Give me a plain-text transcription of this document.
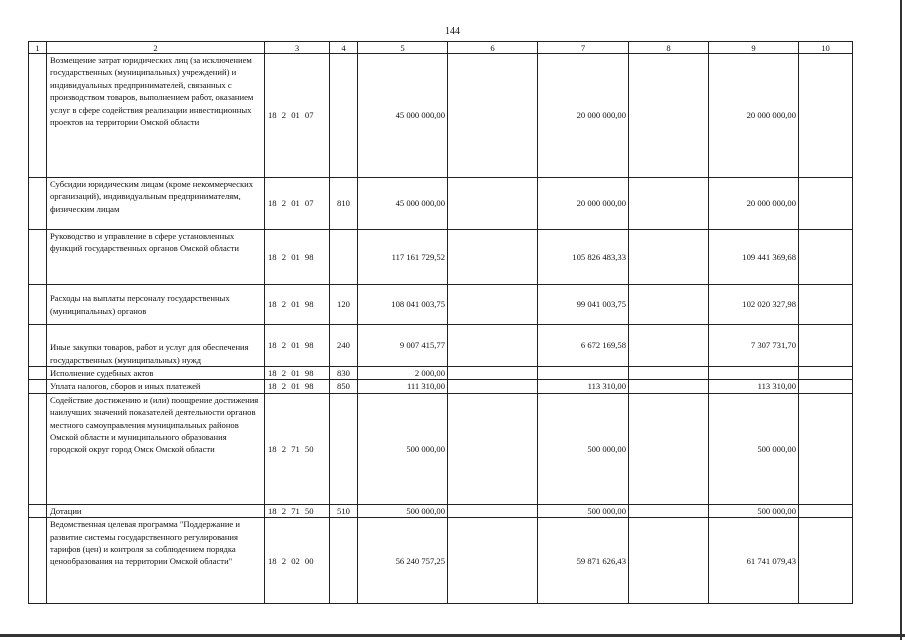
144
1	2	3	4	5	6	7	8	9	10
	Возмещение затрат юридических лиц (за исключением государственных (муниципальных) учреждений) и индивидуальных предпринимателей, связанных с производством товаров, выполнением работ, оказанием услуг в сфере содействия реализации инвестиционных проектов на территории Омской области	18 2 01 07		45 000 000,00		20 000 000,00		20 000 000,00	
	Субсидии юридическим лицам (кроме некоммерческих организаций), индивидуальным предпринимателям, физическим лицам	18 2 01 07	810	45 000 000,00		20 000 000,00		20 000 000,00	
	Руководство и управление в сфере установленных функций государственных органов Омской области	18 2 01 98		117 161 729,52		105 826 483,33		109 441 369,68	
	Расходы на выплаты персоналу государственных (муниципальных) органов	18 2 01 98	120	108 041 003,75		99 041 003,75		102 020 327,98	
	Иные закупки товаров, работ и услуг для обеспечения государственных (муниципальных) нужд	18 2 01 98	240	9 007 415,77		6 672 169,58		7 307 731,70	
	Исполнение судебных актов	18 2 01 98	830	2 000,00					
	Уплата налогов, сборов и иных платежей	18 2 01 98	850	111 310,00		113 310,00		113 310,00	
	Содействие достижению и (или) поощрение достижения наилучших значений показателей деятельности органов местного самоуправления муниципальных районов Омской области и муниципального образования городской округ город Омск Омской области	18 2 71 50		500 000,00		500 000,00		500 000,00	
	Дотации	18 2 71 50	510	500 000,00		500 000,00		500 000,00	
	Ведомственная целевая программа "Поддержание и развитие системы государственного регулирования тарифов (цен) и контроля за соблюдением порядка ценообразования на территории Омской области"	18 2 02 00		56 240 757,25		59 871 626,43		61 741 079,43	
